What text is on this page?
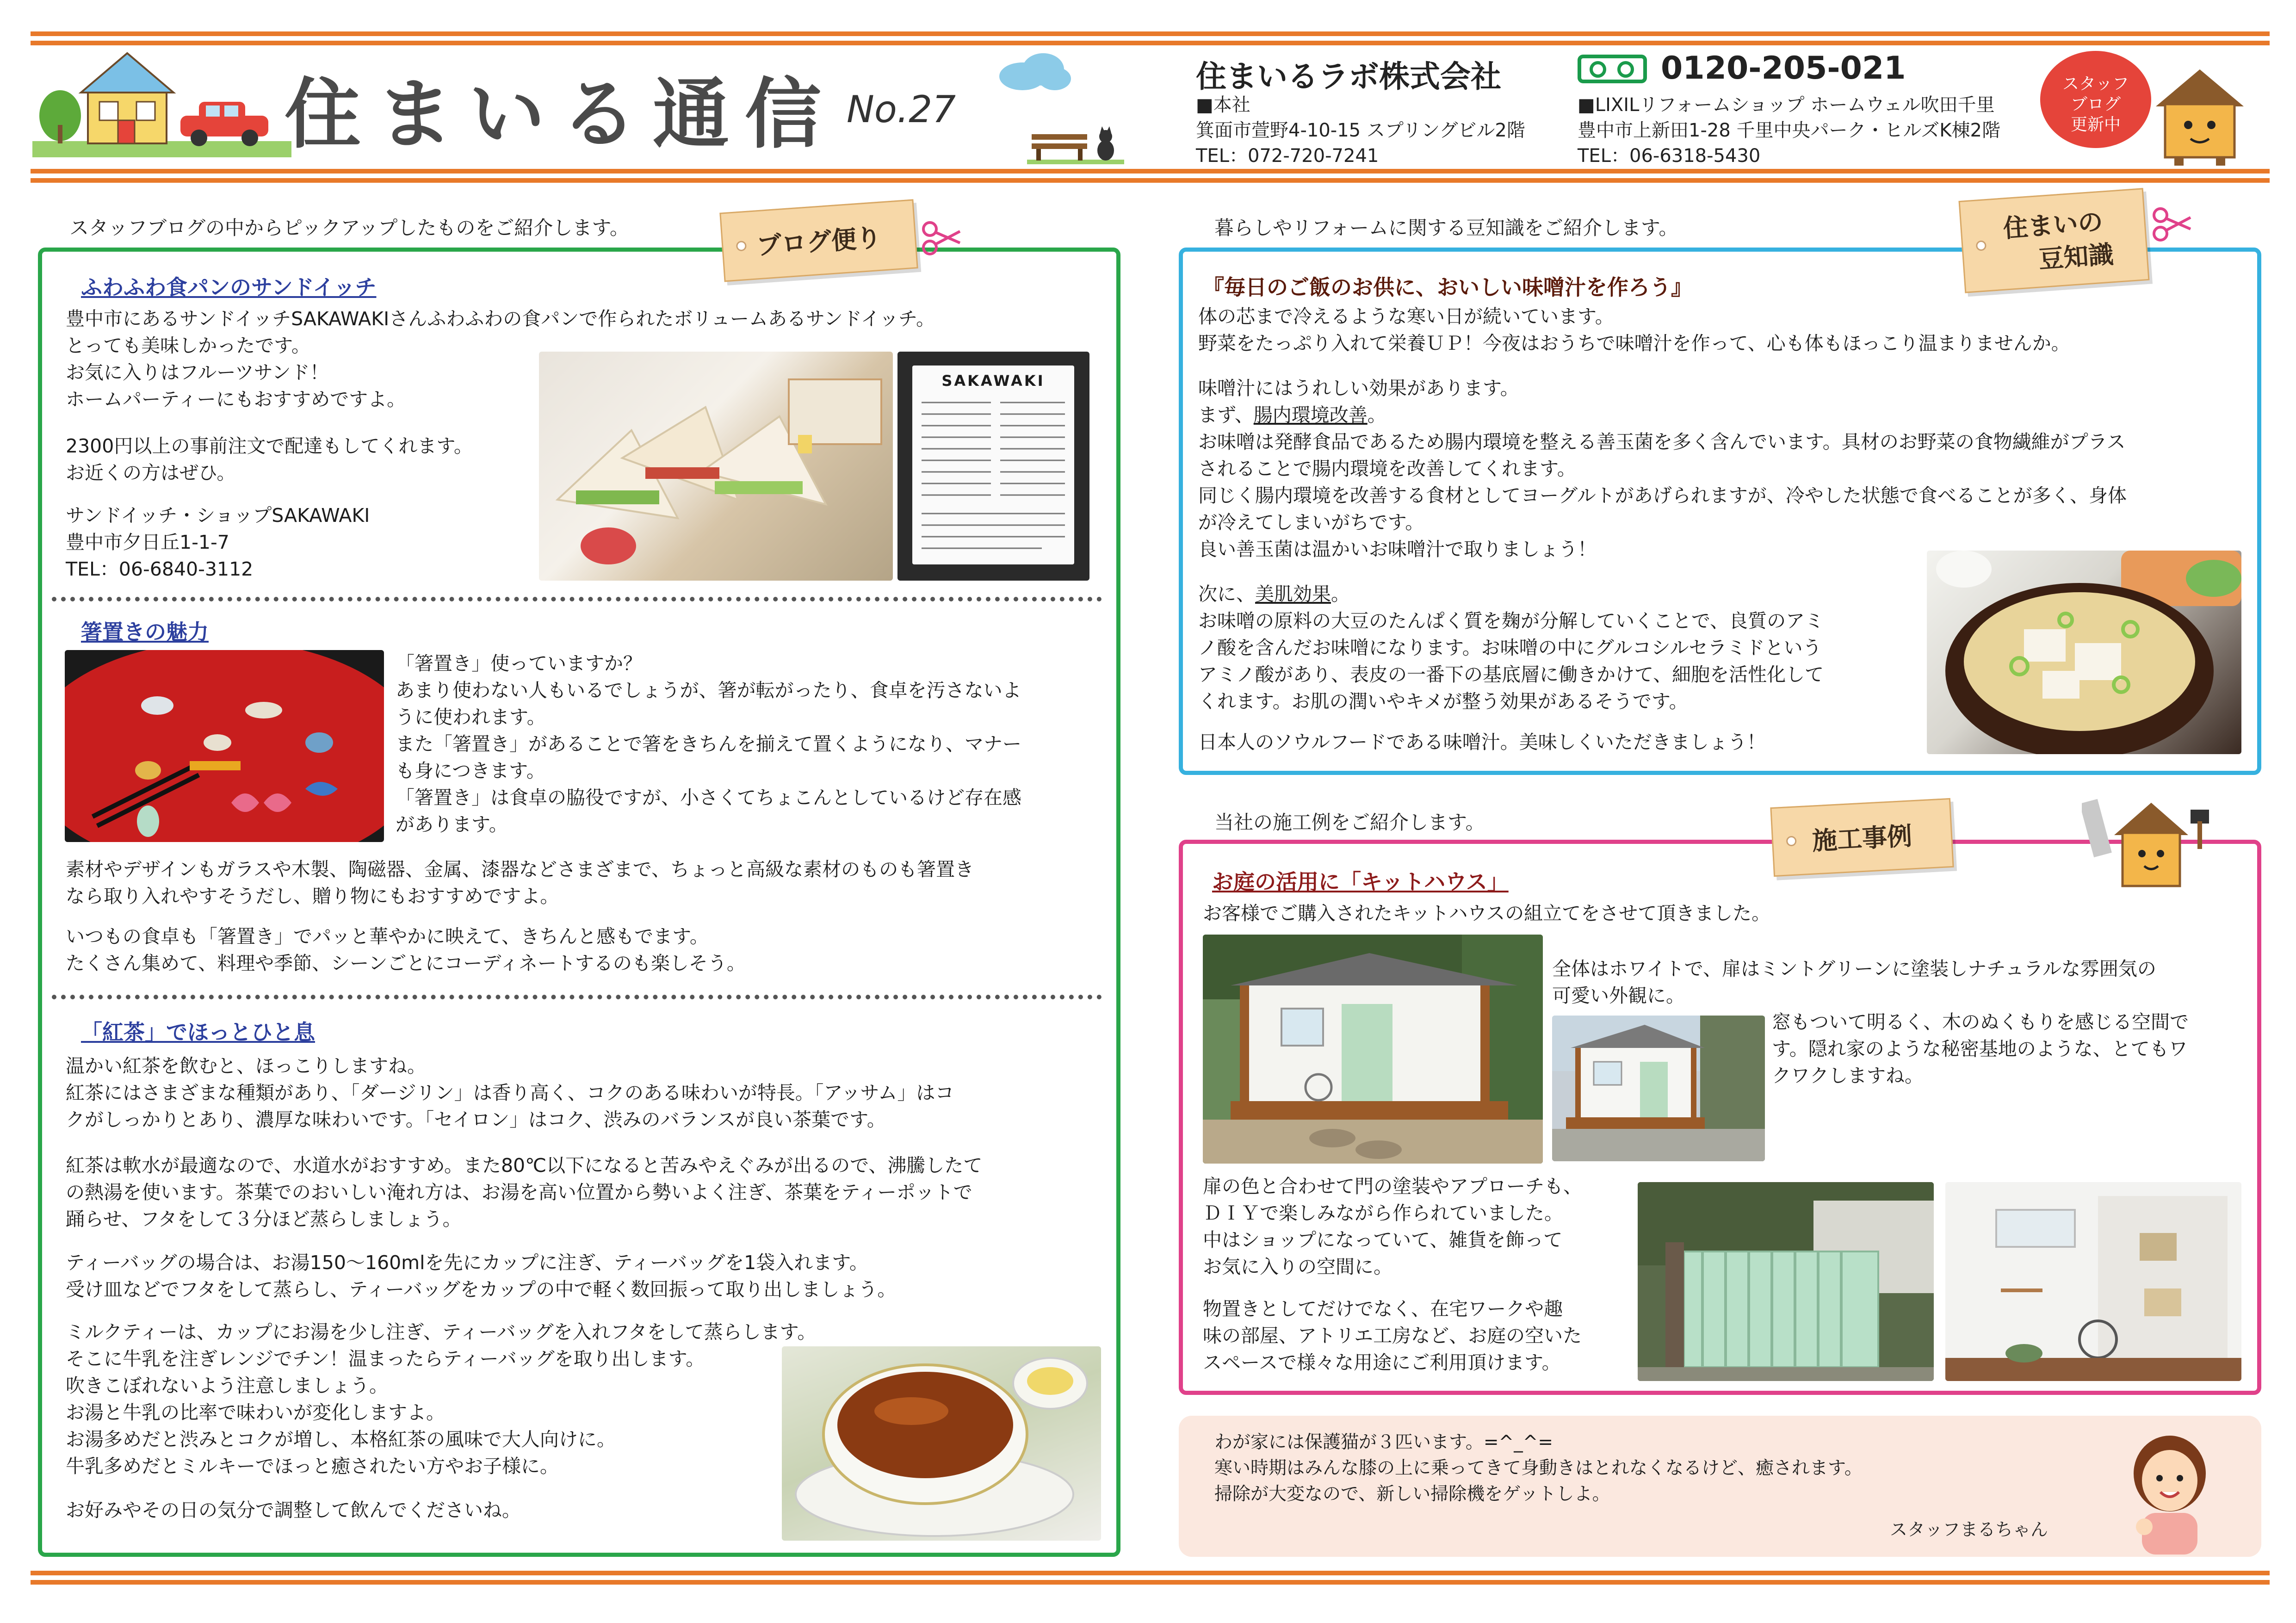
住まいる通信 No.27
住まいるラボ株式会社
■本社
箕面市萱野4-10-15 スプリングビル2階
TEL：072-720-7241
0120-205-021
■LIXILリフォームショップ ホームウェル吹田千里
豊中市上新田1-28 千里中央パーク・ヒルズK棟2階
TEL：06-6318-5430
スタッフ
ブログ
更新中
スタッフブログの中からピックアップしたものをご紹介します。	ブログ便り
ふわふわ食パンのサンドイッチ
豊中市にあるサンドイッチSAKAWAKIさんふわふわの食パンで作られたボリュームあるサンドイッチ。
とっても美味しかったです。
お気に入りはフルーツサンド！
ホームパーティーにもおすすめですよ。
2300円以上の事前注文で配達もしてくれます。
お近くの方はぜひ。
サンドイッチ・ショップSAKAWAKI
豊中市夕日丘1-1-7
TEL：06-6840-3112
SAKAWAKI
箸置きの魅力
「箸置き」使っていますか？
あまり使わない人もいるでしょうが、箸が転がったり、食卓を汚さないよ
うに使われます。
また「箸置き」があることで箸をきちんを揃えて置くようになり、マナー
も身につきます。
「箸置き」は食卓の脇役ですが、小さくてちょこんとしているけど存在感
があります。
素材やデザインもガラスや木製、陶磁器、金属、漆器などさまざまで、ちょっと高級な素材のものも箸置き
なら取り入れやすそうだし、贈り物にもおすすめですよ。
いつもの食卓も「箸置き」でパッと華やかに映えて、きちんと感もでます。
たくさん集めて、料理や季節、シーンごとにコーディネートするのも楽しそう。
「紅茶」でほっとひと息
温かい紅茶を飲むと、ほっこりしますね。
紅茶にはさまざまな種類があり、「ダージリン」は香り高く、コクのある味わいが特長。「アッサム」はコ
クがしっかりとあり、濃厚な味わいです。「セイロン」はコク、渋みのバランスが良い茶葉です。
紅茶は軟水が最適なので、水道水がおすすめ。また80℃以下になると苦みやえぐみが出るので、沸騰したて
の熱湯を使います。茶葉でのおいしい淹れ方は、お湯を高い位置から勢いよく注ぎ、茶葉をティーポットで
踊らせ、フタをして３分ほど蒸らしましょう。
ティーバッグの場合は、お湯150〜160mlを先にカップに注ぎ、ティーバッグを1袋入れます。
受け皿などでフタをして蒸らし、ティーバッグをカップの中で軽く数回振って取り出しましょう。
ミルクティーは、カップにお湯を少し注ぎ、ティーバッグを入れフタをして蒸らします。
そこに牛乳を注ぎレンジでチン！温まったらティーバッグを取り出します。
吹きこぼれないよう注意しましょう。
お湯と牛乳の比率で味わいが変化しますよ。
お湯多めだと渋みとコクが増し、本格紅茶の風味で大人向けに。
牛乳多めだとミルキーでほっと癒されたい方やお子様に。
お好みやその日の気分で調整して飲んでくださいね。
暮らしやリフォームに関する豆知識をご紹介します。	住まいの
豆知識
『毎日のご飯のお供に、おいしい味噌汁を作ろう』
体の芯まで冷えるような寒い日が続いています。
野菜をたっぷり入れて栄養ＵＰ！今夜はおうちで味噌汁を作って、心も体もほっこり温まりませんか。
味噌汁にはうれしい効果があります。
まず、腸内環境改善。
お味噌は発酵食品であるため腸内環境を整える善玉菌を多く含んでいます。具材のお野菜の食物繊維がプラス
されることで腸内環境を改善してくれます。
同じく腸内環境を改善する食材としてヨーグルトがあげられますが、冷やした状態で食べることが多く、身体
が冷えてしまいがちです。
良い善玉菌は温かいお味噌汁で取りましょう！
次に、美肌効果。
お味噌の原料の大豆のたんぱく質を麹が分解していくことで、良質のアミ
ノ酸を含んだお味噌になります。お味噌の中にグルコシルセラミドという
アミノ酸があり、表皮の一番下の基底層に働きかけて、細胞を活性化して
くれます。お肌の潤いやキメが整う効果があるそうです。
日本人のソウルフードである味噌汁。美味しくいただきましょう！
当社の施工例をご紹介します。	施工事例
お庭の活用に「キットハウス」
お客様でご購入されたキットハウスの組立てをさせて頂きました。
全体はホワイトで、扉はミントグリーンに塗装しナチュラルな雰囲気の
可愛い外観に。
窓もついて明るく、木のぬくもりを感じる空間で
す。隠れ家のような秘密基地のような、とてもワ
クワクしますね。
扉の色と合わせて門の塗装やアプローチも、
ＤＩＹで楽しみながら作られていました。
中はショップになっていて、雑貨を飾って
お気に入りの空間に。
物置きとしてだけでなく、在宅ワークや趣
味の部屋、アトリエ工房など、お庭の空いた
スペースで様々な用途にご利用頂けます。
わが家には保護猫が３匹います。=^_^=
寒い時期はみんな膝の上に乗ってきて身動きはとれなくなるけど、癒されます。
掃除が大変なので、新しい掃除機をゲットしよ。
スタッフまるちゃん
